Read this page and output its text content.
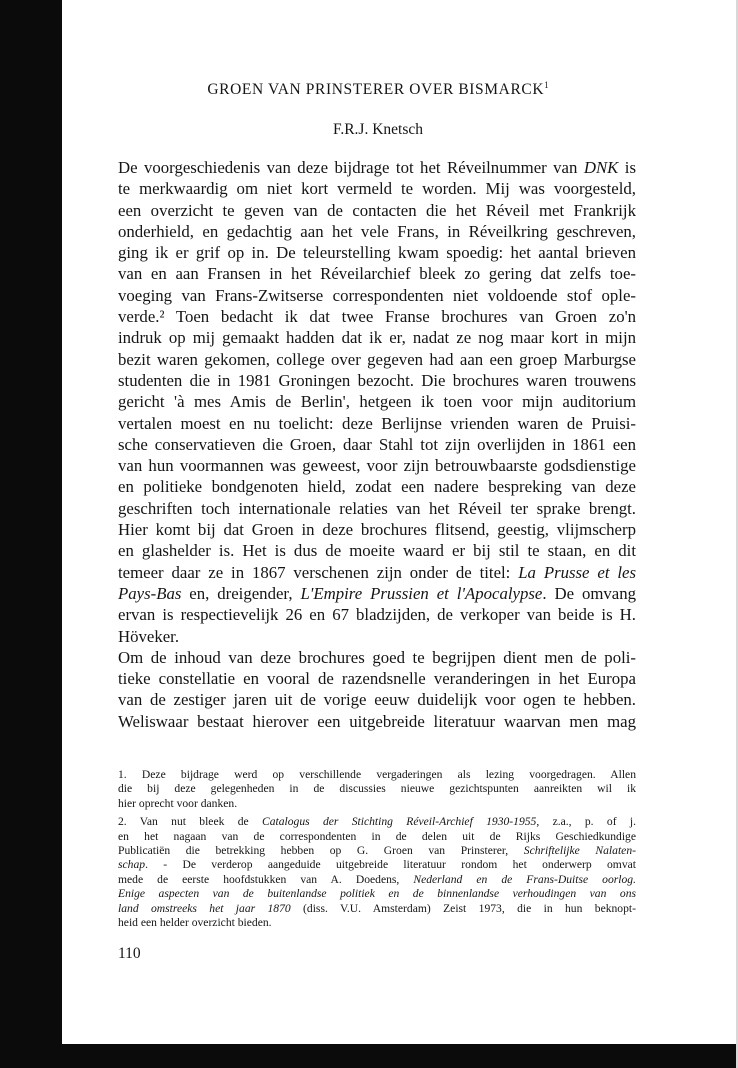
GROEN VAN PRINSTERER OVER BISMARCK$^1$

F.R.J. Knetsch

De voorgeschiedenis van deze bijdrage tot het Réveilnummer van DNK is
te merkwaardig om niet kort vermeld te worden. Mij was voorgesteld,
een overzicht te geven van de contacten die het Réveil met Frankrijk
onderhield, en gedachtig aan het vele Frans, in Réveilkring geschreven,
ging ik er grif op in. De teleurstelling kwam spoedig: het aantal brieven
van en aan Fransen in het Réveilarchief bleek zo gering dat zelfs toe-
voeging van Frans-Zwitserse correspondenten niet voldoende stof ople-
verde.² Toen bedacht ik dat twee Franse brochures van Groen zo'n
indruk op mij gemaakt hadden dat ik er, nadat ze nog maar kort in mijn
bezit waren gekomen, college over gegeven had aan een groep Marburgse
studenten die in 1981 Groningen bezocht. Die brochures waren trouwens
gericht 'à mes Amis de Berlin', hetgeen ik toen voor mijn auditorium
vertalen moest en nu toelicht: deze Berlijnse vrienden waren de Pruisi-
sche conservatieven die Groen, daar Stahl tot zijn overlijden in 1861 een
van hun voormannen was geweest, voor zijn betrouwbaarste godsdienstige
en politieke bondgenoten hield, zodat een nadere bespreking van deze
geschriften toch internationale relaties van het Réveil ter sprake brengt.
Hier komt bij dat Groen in deze brochures flitsend, geestig, vlijmscherp
en glashelder is. Het is dus de moeite waard er bij stil te staan, en dit
temeer daar ze in 1867 verschenen zijn onder de titel: La Prusse et les
Pays-Bas en, dreigender, L'Empire Prussien et l'Apocalypse. De omvang
ervan is respectievelijk 26 en 67 bladzijden, de verkoper van beide is H.
Höveker.
Om de inhoud van deze brochures goed te begrijpen dient men de poli-
tieke constellatie en vooral de razendsnelle veranderingen in het Europa
van de zestiger jaren uit de vorige eeuw duidelijk voor ogen te hebben.
Weliswaar bestaat hierover een uitgebreide literatuur waarvan men mag
1. Deze bijdrage werd op verschillende vergaderingen als lezing voorgedragen. Allen
die bij deze gelegenheden in de discussies nieuwe gezichtspunten aanreikten wil ik
hier oprecht voor danken.
2. Van nut bleek de Catalogus der Stichting Réveil-Archief 1930-1955, z.a., p. of j.
en het nagaan van de correspondenten in de delen uit de Rijks Geschiedkundige
Publicatiën die betrekking hebben op G. Groen van Prinsterer, Schriftelijke Nalaten-
schap. - De verderop aangeduide uitgebreide literatuur rondom het onderwerp omvat
mede de eerste hoofdstukken van A. Doedens, Nederland en de Frans-Duitse oorlog.
Enige aspecten van de buitenlandse politiek en de binnenlandse verhoudingen van ons
land omstreeks het jaar 1870 (diss. V.U. Amsterdam) Zeist 1973, die in hun beknopt-
heid een helder overzicht bieden.

110
